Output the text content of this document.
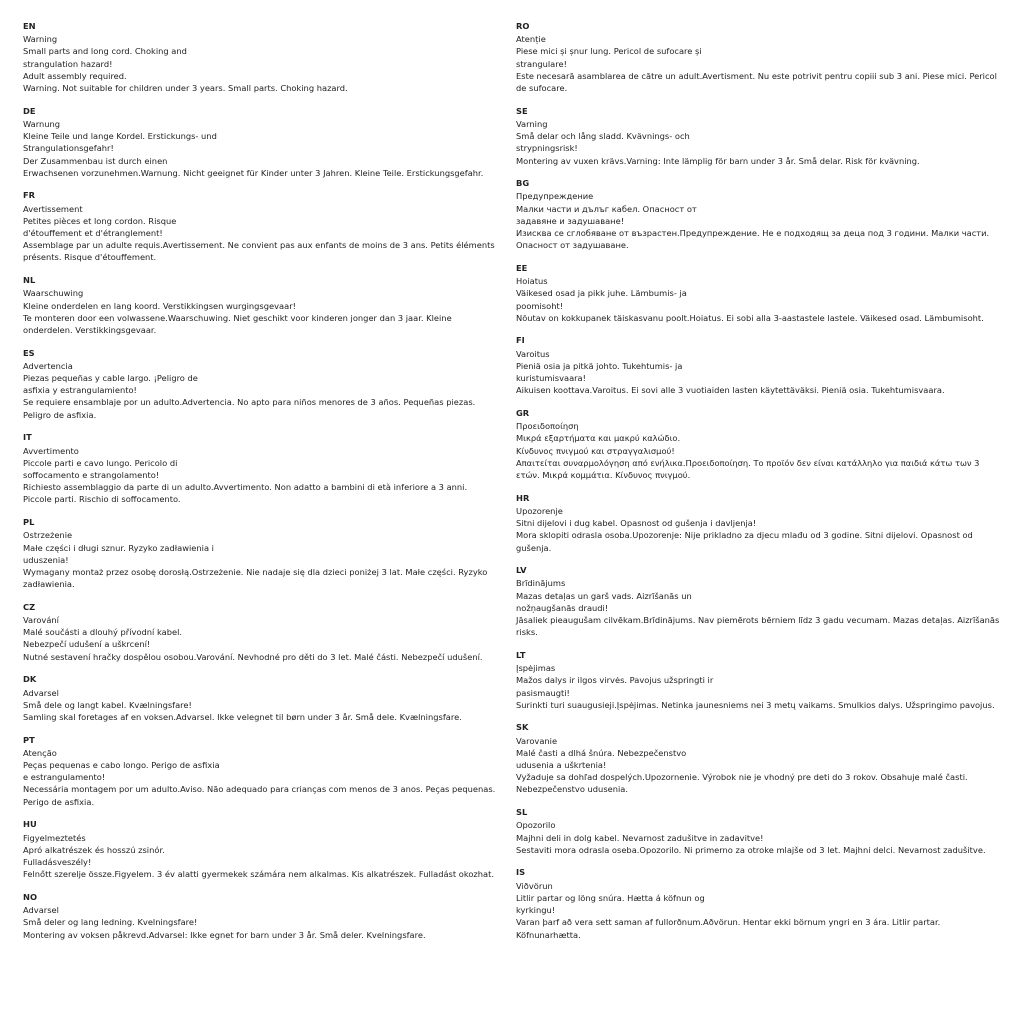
EN
Warning
Small parts and long cord. Choking and
strangulation hazard!
Adult assembly required.
Warning. Not suitable for children under 3 years. Small parts. Choking hazard.
DE
Warnung
Kleine Teile und lange Kordel. Erstickungs- und
Strangulationsgefahr!
Der Zusammenbau ist durch einen
Erwachsenen vorzunehmen.Warnung. Nicht geeignet für Kinder unter 3 Jahren. Kleine Teile. Erstickungsgefahr.
FR
Avertissement
Petites pièces et long cordon. Risque
d'étouffement et d'étranglement!
Assemblage par un adulte requis.Avertissement. Ne convient pas aux enfants de moins de 3 ans. Petits éléments présents. Risque d'étouffement.
NL
Waarschuwing
Kleine onderdelen en lang koord. Verstikkingsen wurgingsgevaar!
Te monteren door een volwassene.Waarschuwing. Niet geschikt voor kinderen jonger dan 3 jaar. Kleine onderdelen. Verstikkingsgevaar.
ES
Advertencia
Piezas pequeñas y cable largo. ¡Peligro de
asfixia y estrangulamiento!
Se requiere ensamblaje por un adulto.Advertencia. No apto para niños menores de 3 años. Pequeñas piezas. Peligro de asfixia.
IT
Avvertimento
Piccole parti e cavo lungo. Pericolo di
soffocamento e strangolamento!
Richiesto assemblaggio da parte di un adulto.Avvertimento. Non adatto a bambini di età inferiore a 3 anni. Piccole parti. Rischio di soffocamento.
PL
Ostrzeżenie
Małe części i długi sznur. Ryzyko zadławienia i
uduszenia!
Wymagany montaż przez osobę dorosłą.Ostrzeżenie. Nie nadaje się dla dzieci poniżej 3 lat. Małe części. Ryzyko zadławienia.
CZ
Varování
Malé součásti a dlouhý přívodní kabel.
Nebezpečí udušení a uškrcení!
Nutné sestavení hračky dospělou osobou.Varování. Nevhodné pro děti do 3 let. Malé části. Nebezpečí udušení.
DK
Advarsel
Små dele og langt kabel. Kvælningsfare!
Samling skal foretages af en voksen.Advarsel. Ikke velegnet til børn under 3 år. Små dele. Kvælningsfare.
PT
Atenção
Peças pequenas e cabo longo. Perigo de asfixia
e estrangulamento!
Necessária montagem por um adulto.Aviso. Não adequado para crianças com menos de 3 anos. Peças pequenas. Perigo de asfixia.
HU
Figyelmeztetés
Apró alkatrészek és hosszú zsinór.
Fulladásveszély!
Felnőtt szerelje össze.Figyelem. 3 év alatti gyermekek számára nem alkalmas. Kis alkatrészek. Fulladást okozhat.
NO
Advarsel
Små deler og lang ledning. Kvelningsfare!
Montering av voksen påkrevd.Advarsel: Ikke egnet for barn under 3 år. Små deler. Kvelningsfare.
RO
Atenție
Piese mici și șnur lung. Pericol de sufocare și
strangulare!
Este necesară asamblarea de către un adult.Avertisment. Nu este potrivit pentru copiii sub 3 ani. Piese mici. Pericol de sufocare.
SE
Varning
Små delar och lång sladd. Kvävnings- och
strypningsrisk!
Montering av vuxen krävs.Varning: Inte lämplig för barn under 3 år. Små delar. Risk för kvävning.
BG
Предупреждение
Малки части и дълъг кабел. Опасност от
задавяне и задушаване!
Изисква се сглобяване от възрастен.Предупреждение. Не е подходящ за деца под 3 години. Малки части. Опасност от задушаване.
EE
Hoiatus
Väikesed osad ja pikk juhe. Lämbumis- ja
poomisoht!
Nõutav on kokkupanek täiskasvanu poolt.Hoiatus. Ei sobi alla 3-aastastele lastele. Väikesed osad. Lämbumisoht.
FI
Varoitus
Pieniä osia ja pitkä johto. Tukehtumis- ja
kuristumisvaara!
Aikuisen koottava.Varoitus. Ei sovi alle 3 vuotiaiden lasten käytettäväksi. Pieniä osia. Tukehtumisvaara.
GR
Προειδοποίηση
Μικρά εξαρτήματα και μακρύ καλώδιο.
Κίνδυνος πνιγμού και στραγγαλισμού!
Απαιτείται συναρμολόγηση από ενήλικα.Προειδοποίηση. Το προϊόν δεν είναι κατάλληλο για παιδιά κάτω των 3 ετών. Μικρά κομμάτια. Κίνδυνος πνιγμού.
HR
Upozorenje
Sitni dijelovi i dug kabel. Opasnost od gušenja i davljenja!
Mora sklopiti odrasla osoba.Upozorenje: Nije prikladno za djecu mlađu od 3 godine. Sitni dijelovi. Opasnost od gušenja.
LV
Brīdinājums
Mazas detaļas un garš vads. Aizrīšanās un
nožņaugšanās draudi!
Jāsaliek pieaugušam cilvēkam.Brīdinājums. Nav piemērots bērniem līdz 3 gadu vecumam. Mazas detaļas. Aizrīšanās risks.
LT
Įspėjimas
Mažos dalys ir ilgos virvės. Pavojus užspringti ir
pasismaugti!
Surinkti turi suaugusieji.Įspėjimas. Netinka jaunesniems nei 3 metų vaikams. Smulkios dalys. Užspringimo pavojus.
SK
Varovanie
Malé časti a dlhá šnúra. Nebezpečenstvo
udusenia a uškrtenia!
Vyžaduje sa dohľad dospelých.Upozornenie. Výrobok nie je vhodný pre deti do 3 rokov. Obsahuje malé časti. Nebezpečenstvo udusenia.
SL
Opozorilo
Majhni deli in dolg kabel. Nevarnost zadušitve in zadavitve!
Sestaviti mora odrasla oseba.Opozorilo. Ni primerno za otroke mlajše od 3 let. Majhni delci. Nevarnost zadušitve.
IS
Viðvörun
Litlir partar og löng snúra. Hætta á köfnun og
kyrkingu!
Varan þarf að vera sett saman af fullorðnum.Aðvörun. Hentar ekki börnum yngri en 3 ára. Litlir partar. Köfnunarhætta.
